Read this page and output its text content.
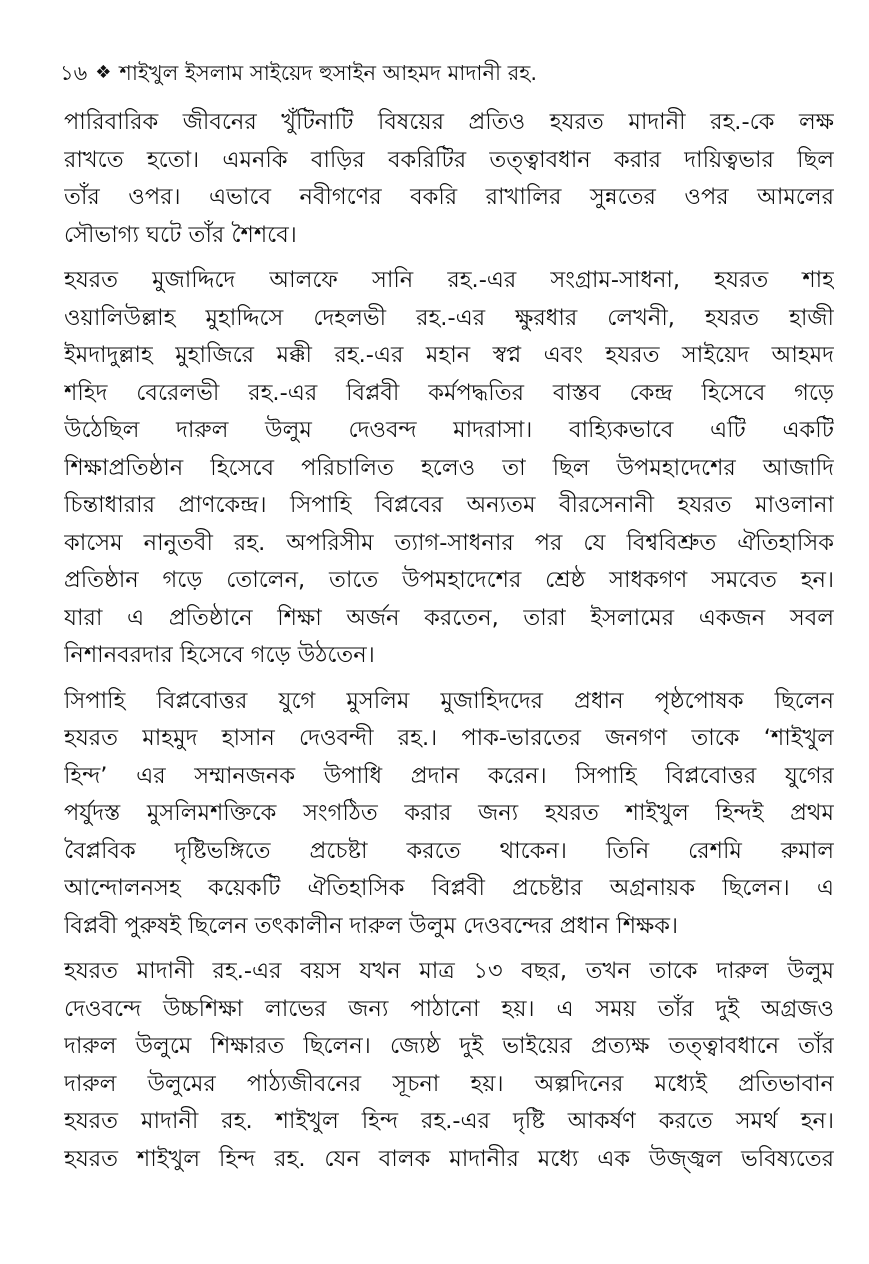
১৬ ❖ শাইখুল ইসলাম সাইয়েদ হুসাইন আহমদ মাদানী রহ.
পারিবারিক জীবনের খুঁটিনাটি বিষয়ের প্রতিও হযরত মাদানী রহ.-কে লক্ষ
রাখতে হতো। এমনকি বাড়ির বকরিটির তত্ত্বাবধান করার দায়িত্বভার ছিল
তাঁর ওপর। এভাবে নবীগণের বকরি রাখালির সুন্নতের ওপর আমলের
সৌভাগ্য ঘটে তাঁর শৈশবে।
হযরত মুজাদ্দিদে আলফে সানি রহ.-এর সংগ্রাম-সাধনা, হযরত শাহ
ওয়ালিউল্লাহ মুহাদ্দিসে দেহলভী রহ.-এর ক্ষুরধার লেখনী, হযরত হাজী
ইমদাদুল্লাহ মুহাজিরে মক্কী রহ.-এর মহান স্বপ্ন এবং হযরত সাইয়েদ আহমদ
শহিদ বেরেলভী রহ.-এর বিপ্লবী কর্মপদ্ধতির বাস্তব কেন্দ্র হিসেবে গড়ে
উঠেছিল দারুল উলুম দেওবন্দ মাদরাসা। বাহ্যিকভাবে এটি একটি
শিক্ষাপ্রতিষ্ঠান হিসেবে পরিচালিত হলেও তা ছিল উপমহাদেশের আজাদি
চিন্তাধারার প্রাণকেন্দ্র। সিপাহি বিপ্লবের অন্যতম বীরসেনানী হযরত মাওলানা
কাসেম নানুতবী রহ. অপরিসীম ত্যাগ-সাধনার পর যে বিশ্ববিশ্রুত ঐতিহাসিক
প্রতিষ্ঠান গড়ে তোলেন, তাতে উপমহাদেশের শ্রেষ্ঠ সাধকগণ সমবেত হন।
যারা এ প্রতিষ্ঠানে শিক্ষা অর্জন করতেন, তারা ইসলামের একজন সবল
নিশানবরদার হিসেবে গড়ে উঠতেন।
সিপাহি বিপ্লবোত্তর যুগে মুসলিম মুজাহিদদের প্রধান পৃষ্ঠপোষক ছিলেন
হযরত মাহমুদ হাসান দেওবন্দী রহ.। পাক-ভারতের জনগণ তাকে ‘শাইখুল
হিন্দ’ এর সম্মানজনক উপাধি প্রদান করেন। সিপাহি বিপ্লবোত্তর যুগের
পর্যুদস্ত মুসলিমশক্তিকে সংগঠিত করার জন্য হযরত শাইখুল হিন্দই প্রথম
বৈপ্লবিক দৃষ্টিভঙ্গিতে প্রচেষ্টা করতে থাকেন। তিনি রেশমি রুমাল
আন্দোলনসহ কয়েকটি ঐতিহাসিক বিপ্লবী প্রচেষ্টার অগ্রনায়ক ছিলেন। এ
বিপ্লবী পুরুষই ছিলেন তৎকালীন দারুল উলুম দেওবন্দের প্রধান শিক্ষক।
হযরত মাদানী রহ.-এর বয়স যখন মাত্র ১৩ বছর, তখন তাকে দারুল উলুম
দেওবন্দে উচ্চশিক্ষা লাভের জন্য পাঠানো হয়। এ সময় তাঁর দুই অগ্রজও
দারুল উলুমে শিক্ষারত ছিলেন। জ্যেষ্ঠ দুই ভাইয়ের প্রত্যক্ষ তত্ত্বাবধানে তাঁর
দারুল উলুমের পাঠ্যজীবনের সূচনা হয়। অল্পদিনের মধ্যেই প্রতিভাবান
হযরত মাদানী রহ. শাইখুল হিন্দ রহ.-এর দৃষ্টি আকর্ষণ করতে সমর্থ হন।
হযরত শাইখুল হিন্দ রহ. যেন বালক মাদানীর মধ্যে এক উজ্জ্বল ভবিষ্যতের
